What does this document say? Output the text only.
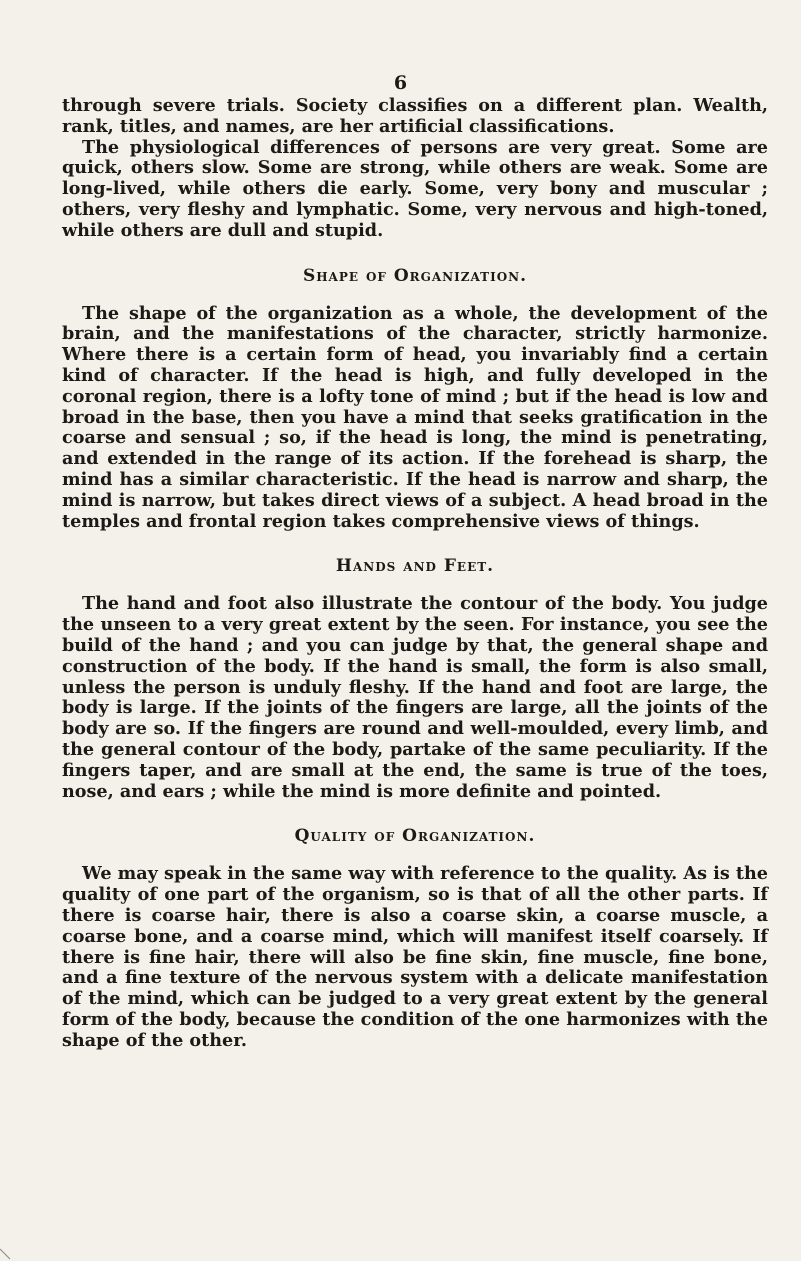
6

through severe trials. Society classifies on a different plan. Wealth, rank, titles, and names, are her artificial classifications.

The physiological differences of persons are very great. Some are quick, others slow. Some are strong, while others are weak. Some are long-lived, while others die early. Some, very bony and muscular ; others, very fleshy and lymphatic. Some, very nervous and high-toned, while others are dull and stupid.

Shape of Organization.

The shape of the organization as a whole, the development of the brain, and the manifestations of the character, strictly harmonize. Where there is a certain form of head, you invariably find a certain kind of character. If the head is high, and fully developed in the coronal region, there is a lofty tone of mind ; but if the head is low and broad in the base, then you have a mind that seeks gratification in the coarse and sensual ; so, if the head is long, the mind is penetrating, and extended in the range of its action. If the forehead is sharp, the mind has a similar characteristic. If the head is narrow and sharp, the mind is narrow, but takes direct views of a subject. A head broad in the temples and frontal region takes comprehensive views of things.

Hands and Feet.

The hand and foot also illustrate the contour of the body. You judge the unseen to a very great extent by the seen. For instance, you see the build of the hand ; and you can judge by that, the general shape and construction of the body. If the hand is small, the form is also small, unless the person is unduly fleshy. If the hand and foot are large, the body is large. If the joints of the fingers are large, all the joints of the body are so. If the fingers are round and well-moulded, every limb, and the general contour of the body, partake of the same peculiarity. If the fingers taper, and are small at the end, the same is true of the toes, nose, and ears ; while the mind is more definite and pointed.

Quality of Organization.

We may speak in the same way with reference to the quality. As is the quality of one part of the organism, so is that of all the other parts. If there is coarse hair, there is also a coarse skin, a coarse muscle, a coarse bone, and a coarse mind, which will manifest itself coarsely. If there is fine hair, there will also be fine skin, fine muscle, fine bone, and a fine texture of the nervous system with a delicate manifestation of the mind, which can be judged to a very great extent by the general form of the body, because the condition of the one harmonizes with the shape of the other.
